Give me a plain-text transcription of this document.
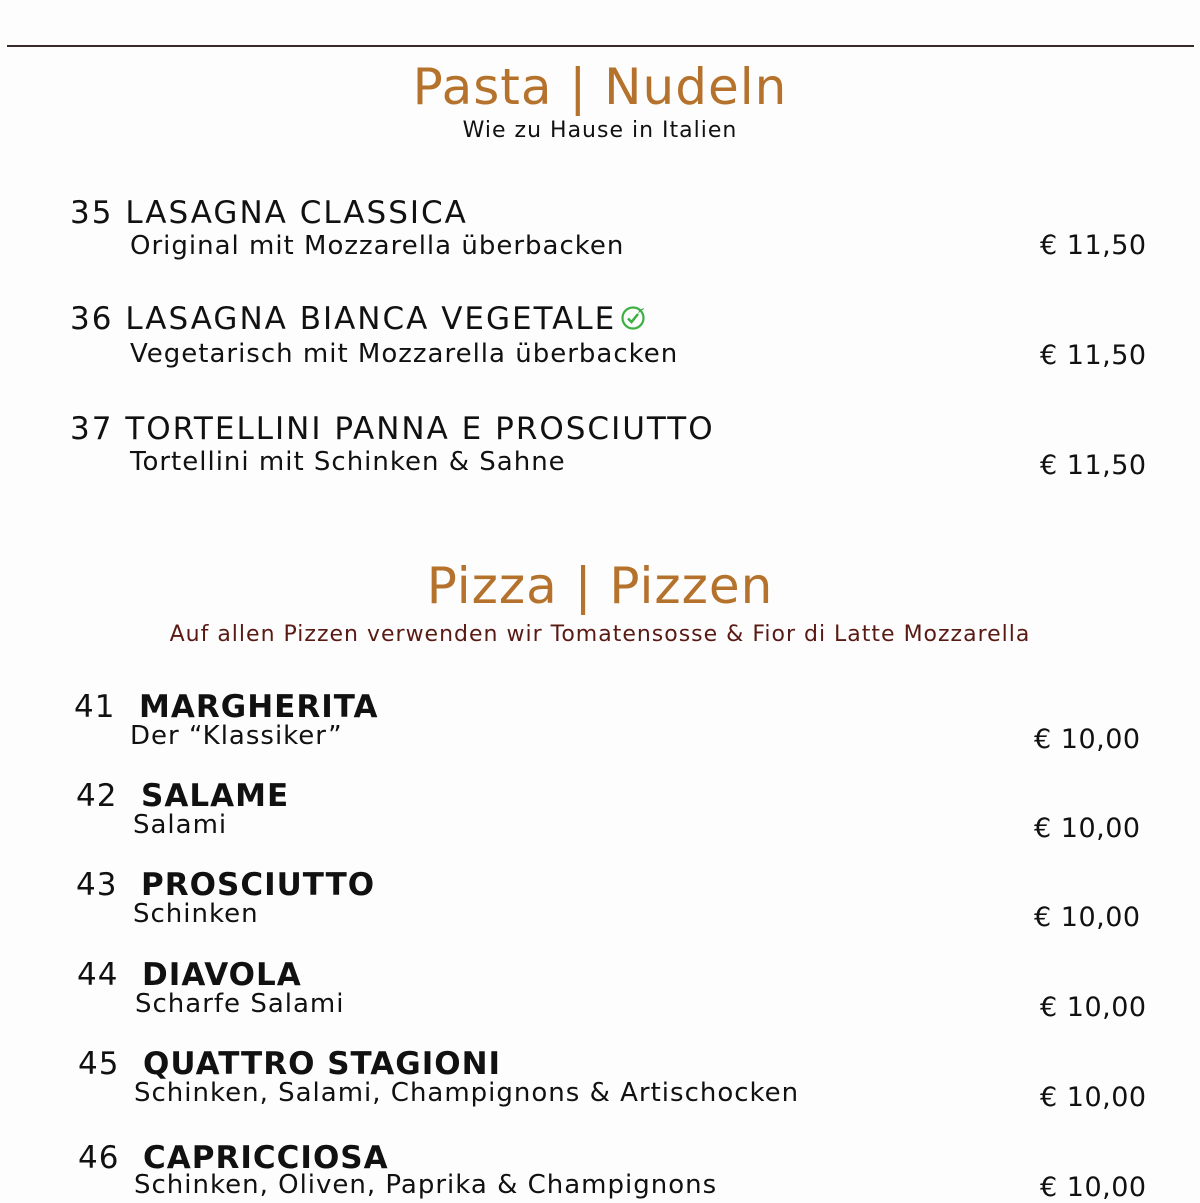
Pasta | Nudeln
Wie zu Hause in Italien
35 LASAGNA CLASSICA
Original mit Mozzarella überbacken	€ 11,50
36 LASAGNA BIANCA VEGETALE
Vegetarisch mit Mozzarella überbacken	€ 11,50
37 TORTELLINI PANNA E PROSCIUTTO
Tortellini mit Schinken & Sahne	€ 11,50
Pizza | Pizzen
Auf allen Pizzen verwenden wir Tomatensosse & Fior di Latte Mozzarella
41 MARGHERITA
Der “Klassiker”	€ 10,00
42 SALAME
Salami	€ 10,00
43 PROSCIUTTO
Schinken	€ 10,00
44 DIAVOLA
Scharfe Salami	€ 10,00
45 QUATTRO STAGIONI
Schinken, Salami, Champignons & Artischocken	€ 10,00
46 CAPRICCIOSA
Schinken, Oliven, Paprika & Champignons	€ 10,00
